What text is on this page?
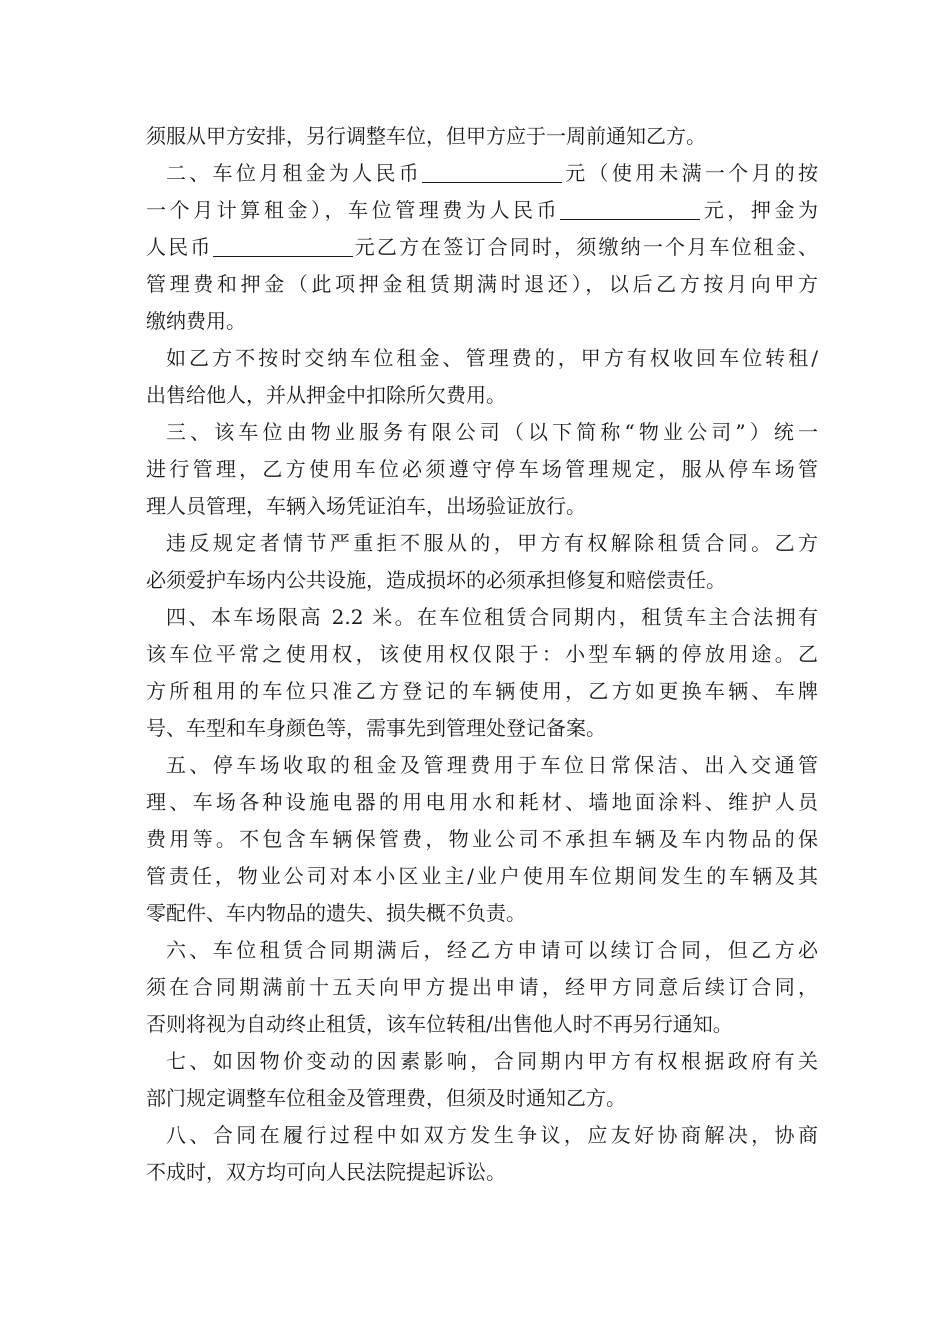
须服从甲方安排，另行调整车位，但甲方应于一周前通知乙方。
二、车位月租金为人民币	元（使用未满一个月的按
一个月计算租金），车位管理费为人民币	元，押金为
人民币	元乙方在签订合同时，须缴纳一个月车位租金、
管理费和押金（此项押金租赁期满时退还），以后乙方按月向甲方
缴纳费用。
如乙方不按时交纳车位租金、管理费的，甲方有权收回车位转租/
出售给他人，并从押金中扣除所欠费用。
三、该车位由物业服务有限公司（以下简称“物业公司”）统一
进行管理，乙方使用车位必须遵守停车场管理规定，服从停车场管
理人员管理，车辆入场凭证泊车，出场验证放行。
违反规定者情节严重拒不服从的，甲方有权解除租赁合同。乙方
必须爱护车场内公共设施，造成损坏的必须承担修复和赔偿责任。
四、本车场限高 2.2 米。在车位租赁合同期内，租赁车主合法拥有
该车位平常之使用权，该使用权仅限于：小型车辆的停放用途。乙
方所租用的车位只准乙方登记的车辆使用，乙方如更换车辆、车牌
号、车型和车身颜色等，需事先到管理处登记备案。
五、停车场收取的租金及管理费用于车位日常保洁、出入交通管
理、车场各种设施电器的用电用水和耗材、墙地面涂料、维护人员
费用等。不包含车辆保管费，物业公司不承担车辆及车内物品的保
管责任，物业公司对本小区业主/业户使用车位期间发生的车辆及其
零配件、车内物品的遗失、损失概不负责。
六、车位租赁合同期满后，经乙方申请可以续订合同，但乙方必
须在合同期满前十五天向甲方提出申请，经甲方同意后续订合同，
否则将视为自动终止租赁，该车位转租/出售他人时不再另行通知。
七、如因物价变动的因素影响，合同期内甲方有权根据政府有关
部门规定调整车位租金及管理费，但须及时通知乙方。
八、合同在履行过程中如双方发生争议，应友好协商解决，协商
不成时，双方均可向人民法院提起诉讼。
